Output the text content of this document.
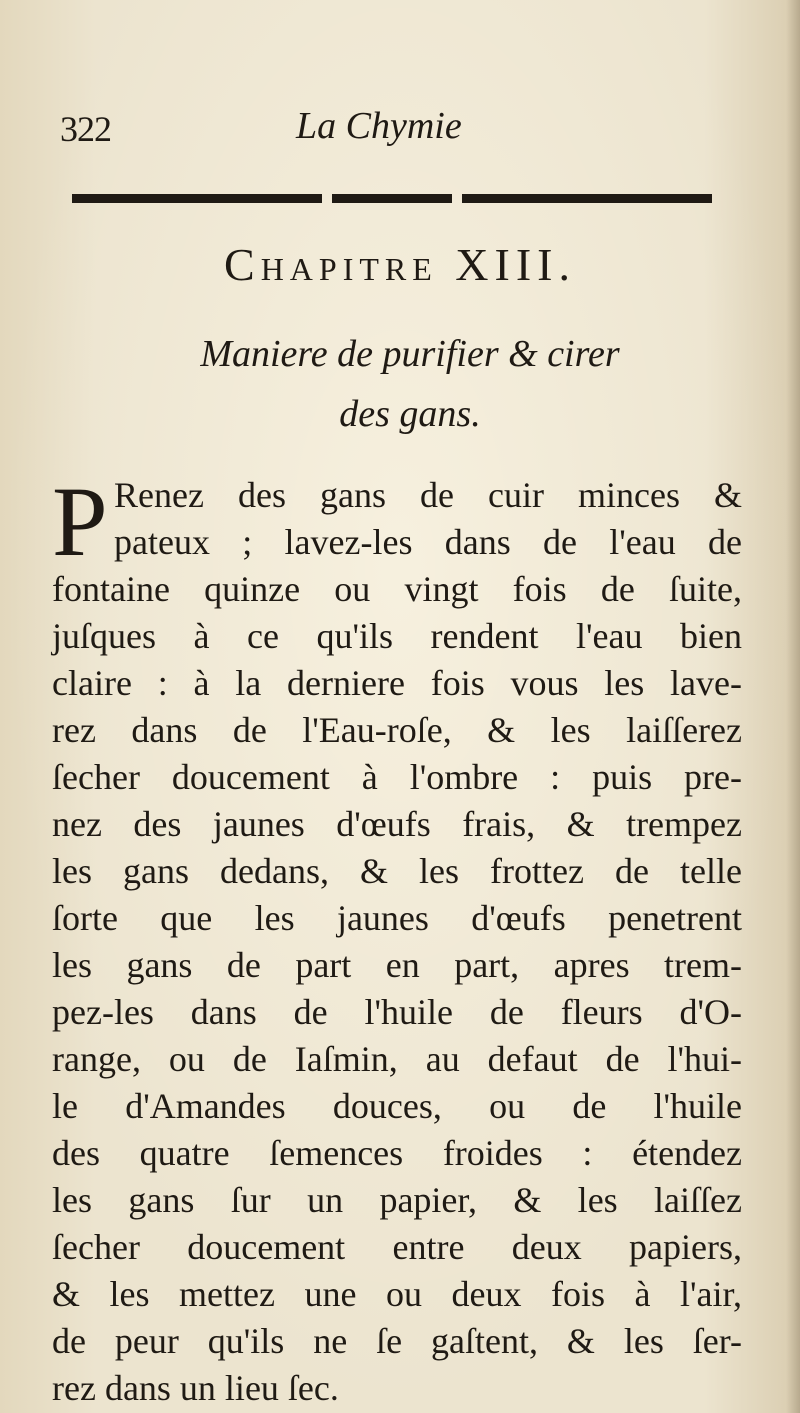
322	La Chymie
Chapitre XIII.
Maniere de purifier & cirer
des gans.
P Renez des gans de cuir minces &
pateux ; lavez-les dans de l'eau de
fontaine quinze ou vingt fois de ſuite,
juſques à ce qu'ils rendent l'eau bien
claire : à la derniere fois vous les lave-
rez dans de l'Eau-roſe, & les laiſſerez
ſecher doucement à l'ombre : puis pre-
nez des jaunes d'œufs frais, & trempez
les gans dedans, & les frottez de telle
ſorte que les jaunes d'œufs penetrent
les gans de part en part, apres trem-
pez-les dans de l'huile de fleurs d'O-
range, ou de Iaſmin, au defaut de l'hui-
le d'Amandes douces, ou de l'huile
des quatre ſemences froides : étendez
les gans ſur un papier, & les laiſſez
ſecher doucement entre deux papiers,
& les mettez une ou deux fois à l'air,
de peur qu'ils ne ſe gaſtent, & les ſer-
rez dans un lieu ſec.
